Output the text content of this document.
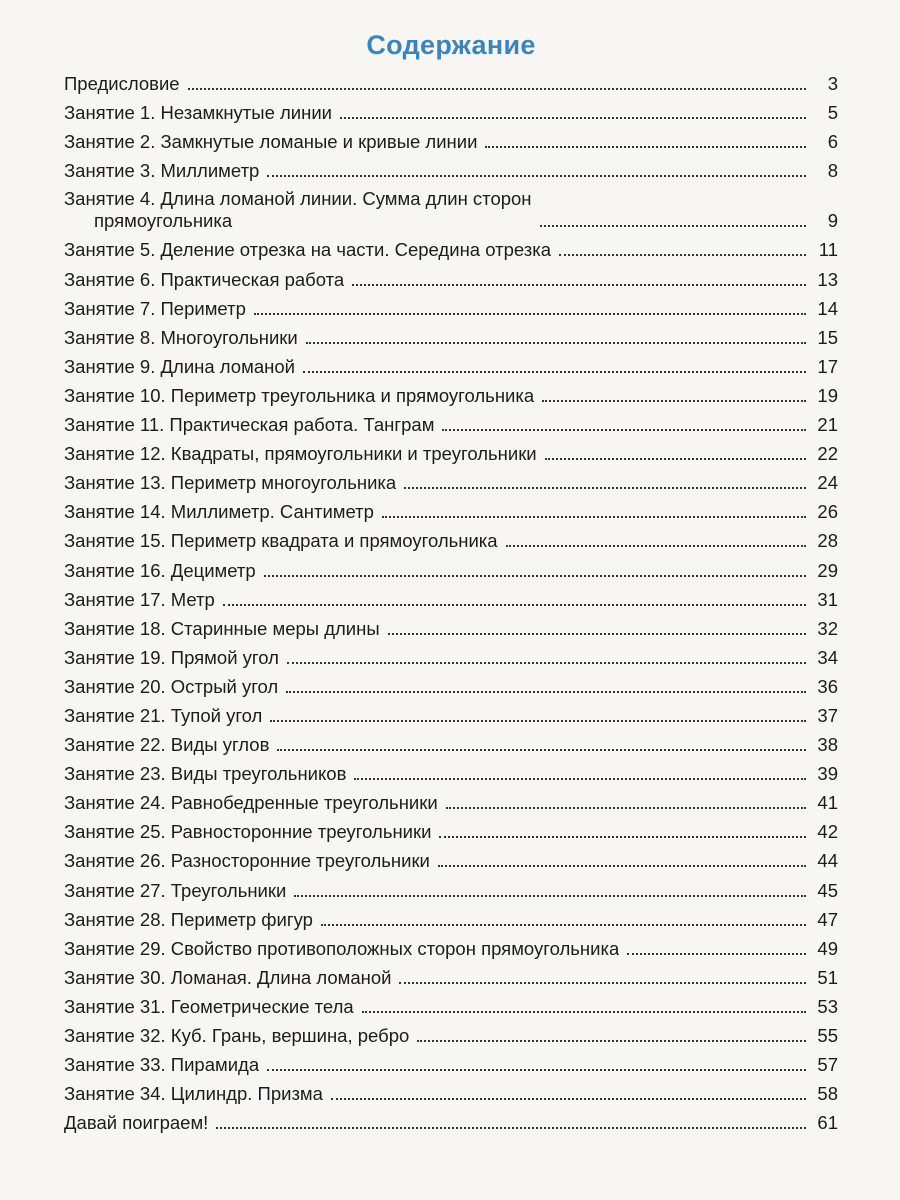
Содержание
Предисловие	3
Занятие 1. Незамкнутые линии	5
Занятие 2. Замкнутые ломаные и кривые линии	6
Занятие 3. Миллиметр	8
Занятие 4. Длина ломаной линии. Сумма длин сторон
прямоугольника	9
Занятие 5. Деление отрезка на части. Середина отрезка	11
Занятие 6. Практическая работа	13
Занятие 7. Периметр	14
Занятие 8. Многоугольники	15
Занятие 9. Длина ломаной	17
Занятие 10. Периметр треугольника и прямоугольника	19
Занятие 11. Практическая работа. Танграм	21
Занятие 12. Квадраты, прямоугольники и треугольники	22
Занятие 13. Периметр многоугольника	24
Занятие 14. Миллиметр. Сантиметр	26
Занятие 15. Периметр квадрата и прямоугольника	28
Занятие 16. Дециметр	29
Занятие 17. Метр	31
Занятие 18. Старинные меры длины	32
Занятие 19. Прямой угол	34
Занятие 20. Острый угол	36
Занятие 21. Тупой угол	37
Занятие 22. Виды углов	38
Занятие 23. Виды треугольников	39
Занятие 24. Равнобедренные треугольники	41
Занятие 25. Равносторонние треугольники	42
Занятие 26. Разносторонние треугольники	44
Занятие 27. Треугольники	45
Занятие 28. Периметр фигур	47
Занятие 29. Свойство противоположных сторон прямоугольника	49
Занятие 30. Ломаная. Длина ломаной	51
Занятие 31. Геометрические тела	53
Занятие 32. Куб. Грань, вершина, ребро	55
Занятие 33. Пирамида	57
Занятие 34. Цилиндр. Призма	58
Давай поиграем!	61
